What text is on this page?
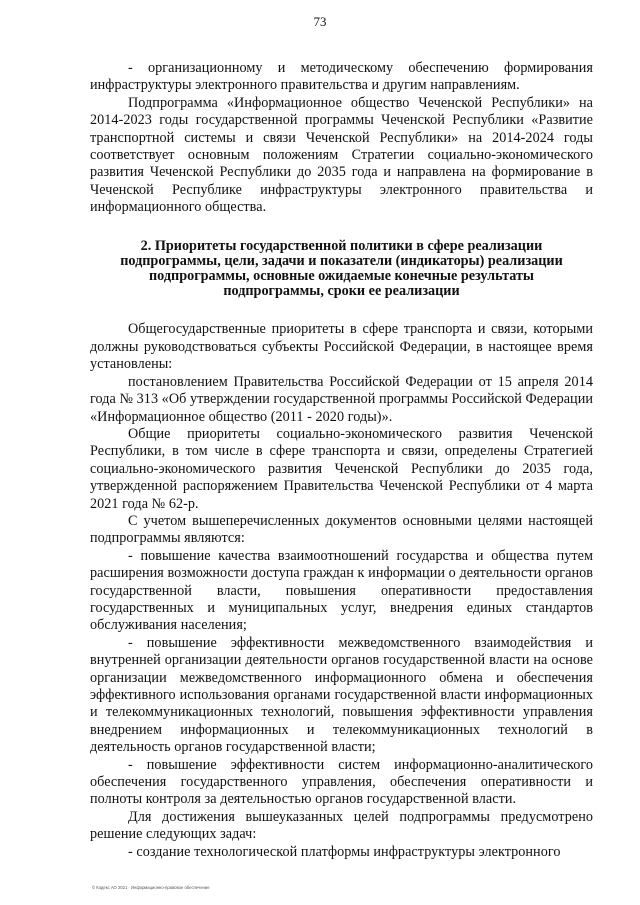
73

- организационному и методическому обеспечению формирования инфраструктуры электронного правительства и другим направлениям.

Подпрограмма «Информационное общество Чеченской Республики» на 2014-2023 годы государственной программы Чеченской Республики «Развитие транспортной системы и связи Чеченской Республики» на 2014-2024 годы соответствует основным положениям Стратегии социально-экономического развития Чеченской Республики до 2035 года и направлена на формирование в Чеченской Республике инфраструктуры электронного правительства и информационного общества.

2. Приоритеты государственной политики в сфере реализации подпрограммы, цели, задачи и показатели (индикаторы) реализации подпрограммы, основные ожидаемые конечные результаты подпрограммы, сроки ее реализации

Общегосударственные приоритеты в сфере транспорта и связи, которыми должны руководствоваться субъекты Российской Федерации, в настоящее время установлены:

постановлением Правительства Российской Федерации от 15 апреля 2014 года № 313 «Об утверждении государственной программы Российской Федерации «Информационное общество (2011 - 2020 годы)».

Общие приоритеты социально-экономического развития Чеченской Республики, в том числе в сфере транспорта и связи, определены Стратегией социально-экономического развития Чеченской Республики до 2035 года, утвержденной распоряжением Правительства Чеченской Республики от 4 марта 2021 года № 62-р.

С учетом вышеперечисленных документов основными целями настоящей подпрограммы являются:

- повышение качества взаимоотношений государства и общества путем расширения возможности доступа граждан к информации о деятельности органов государственной власти, повышения оперативности предоставления государственных и муниципальных услуг, внедрения единых стандартов обслуживания населения;

- повышение эффективности межведомственного взаимодействия и внутренней организации деятельности органов государственной власти на основе организации межведомственного информационного обмена и обеспечения эффективного использования органами государственной власти информационных и телекоммуникационных технологий, повышения эффективности управления внедрением информационных и телекоммуникационных технологий в деятельность органов государственной власти;

- повышение эффективности систем информационно-аналитического обеспечения государственного управления, обеспечения оперативности и полноты контроля за деятельностью органов государственной власти.

Для достижения вышеуказанных целей подпрограммы предусмотрено решение следующих задач:

- создание технологической платформы инфраструктуры электронного

© Кодекс АО 2021 · Информационно-правовое обеспечение
